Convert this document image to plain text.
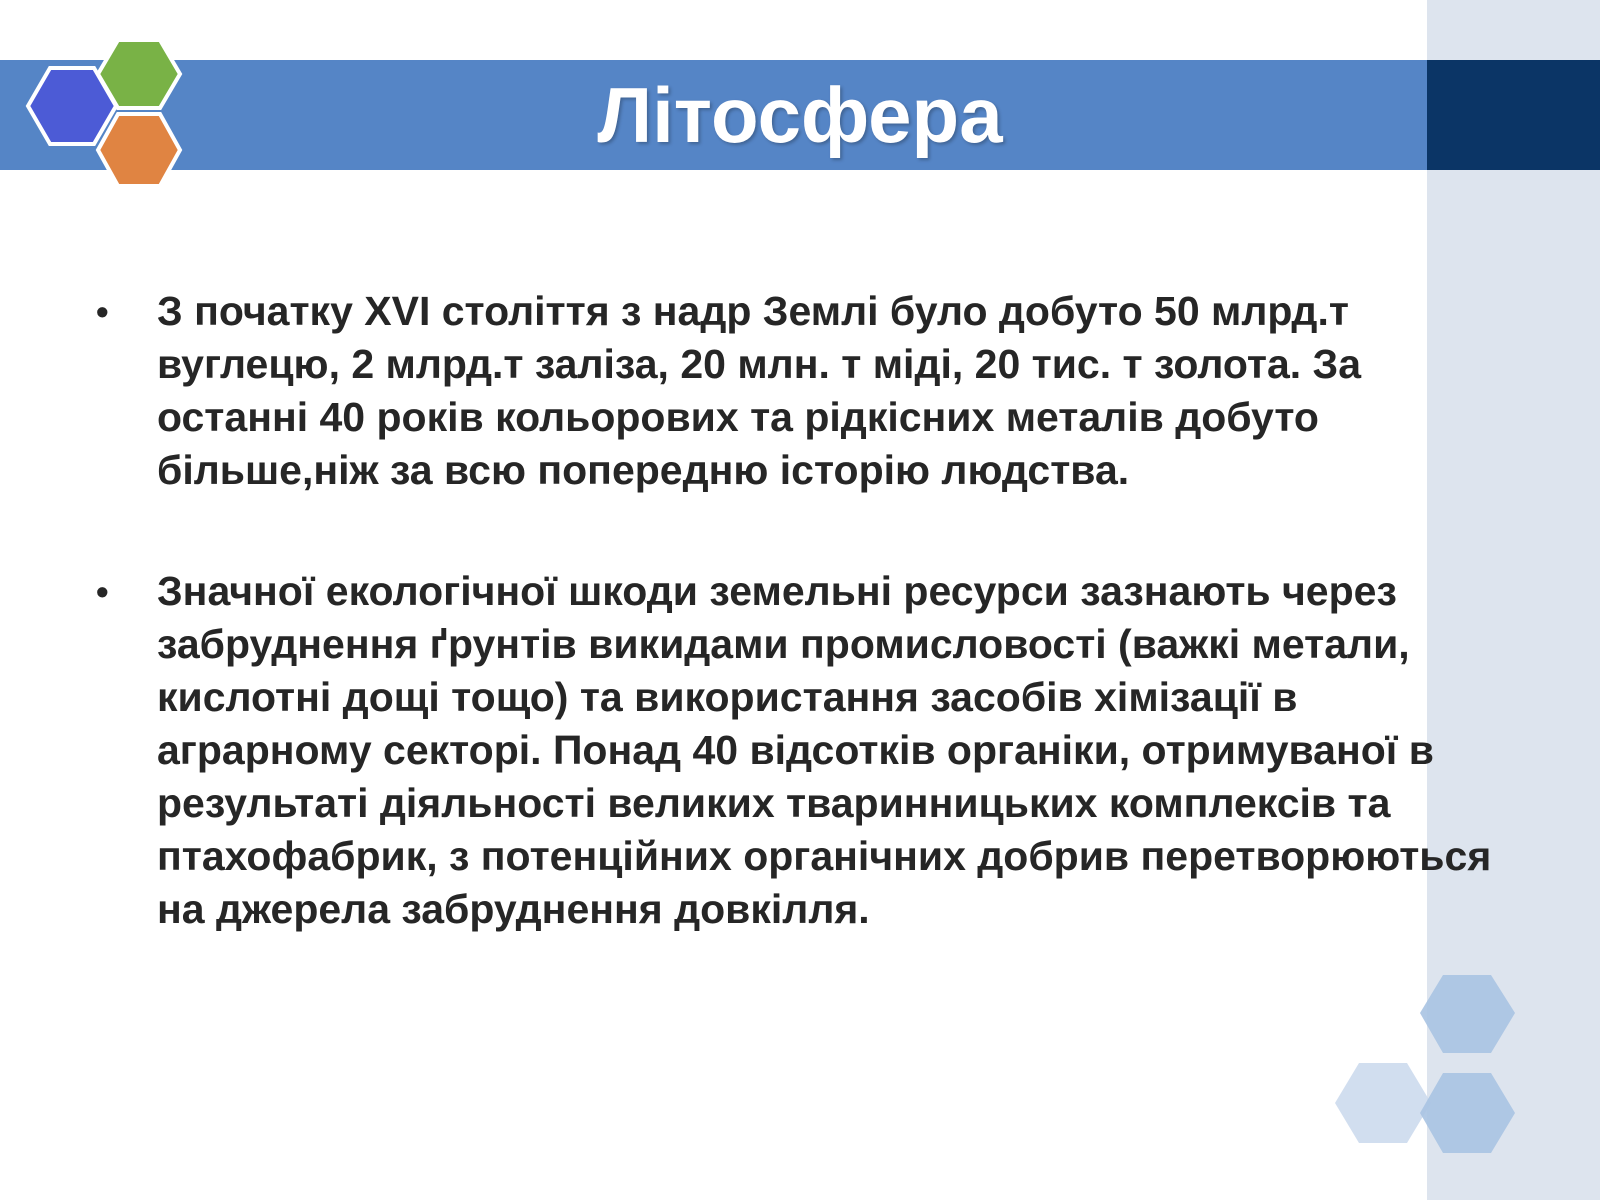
Літосфера
• З початку XVI століття з надр Землі було добуто 50 млрд.т вуглецю, 2 млрд.т заліза, 20 млн. т міді, 20 тис. т золота. За останні 40 років кольорових та рідкісних металів добуто більше,ніж за всю попередню історію людства.
• Значної екологічної шкоди земельні ресурси зазнають через забруднення ґрунтів викидами промисловості (важкі метали, кислотні дощі тощо) та використання засобів хімізації в аграрному секторі. Понад 40 відсотків органіки, отримуваної в результаті діяльності великих тваринницьких комплексів та птахофабрик, з потенційних органічних добрив перетворюються на джерела забруднення довкілля.
